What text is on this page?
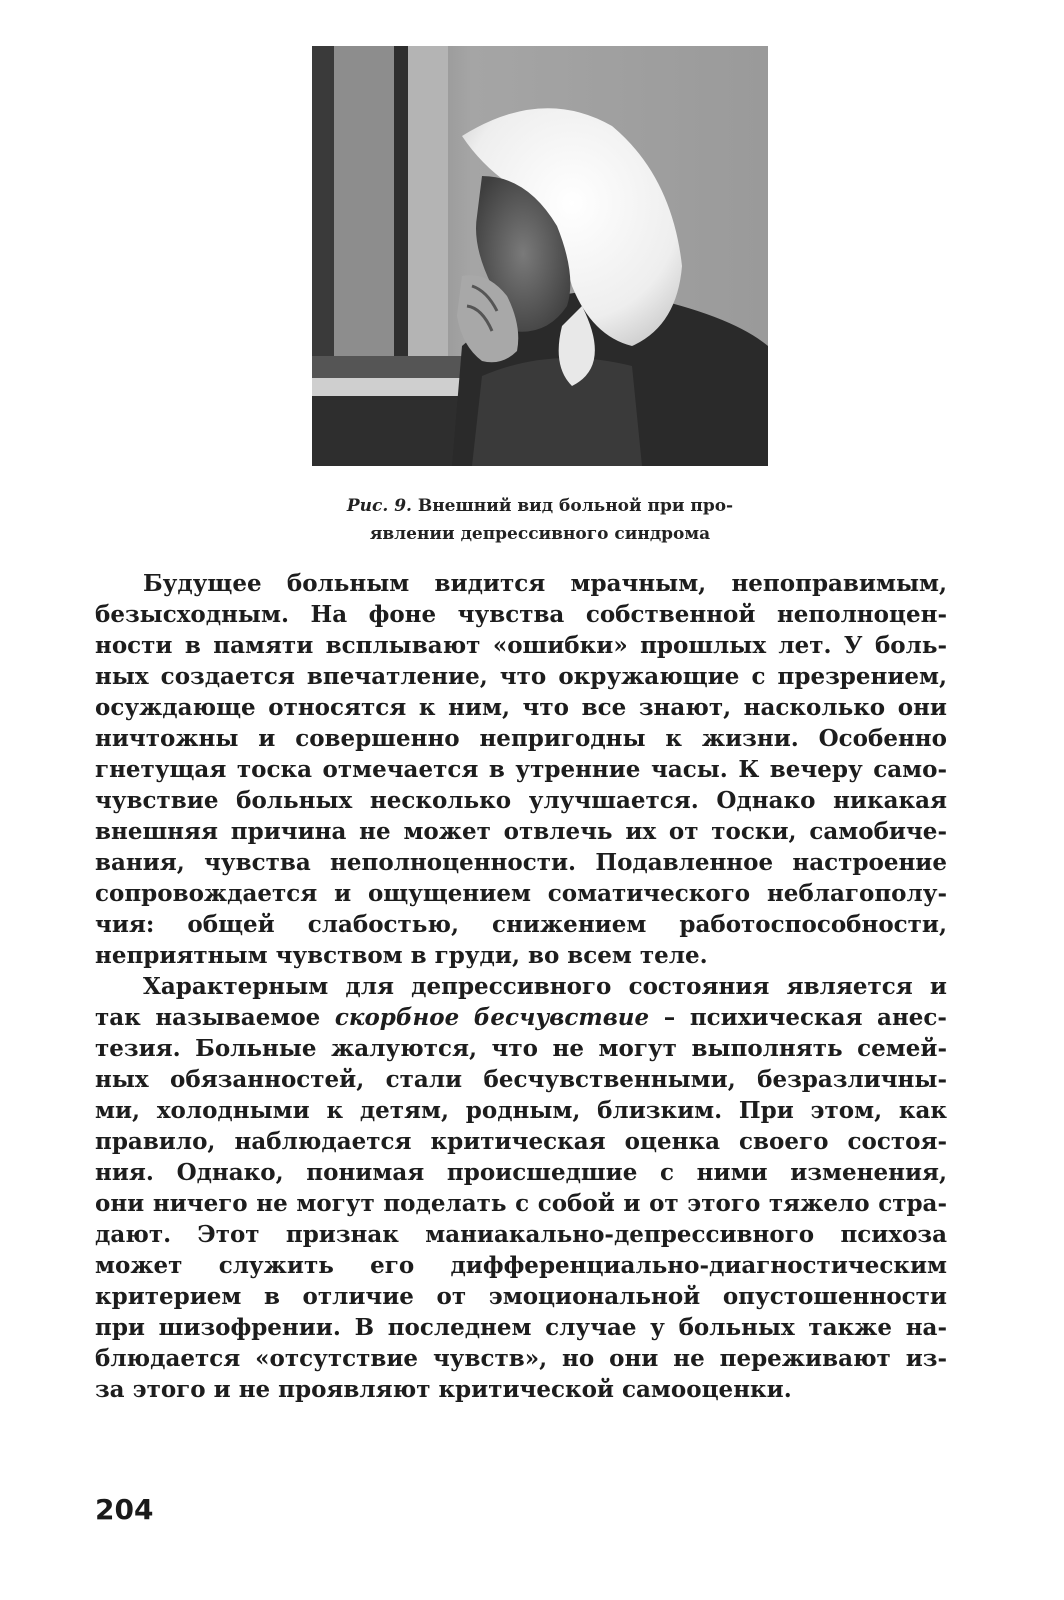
Рис. 9. Внешний вид больной при про-
явлении депрессивного синдрома
Будущее больным видится мрачным, непоправимым,
безысходным. На фоне чувства собственной неполноцен-
ности в памяти всплывают «ошибки» прошлых лет. У боль-
ных создается впечатление, что окружающие с презрением,
осуждающе относятся к ним, что все знают, насколько они
ничтожны и совершенно непригодны к жизни. Особенно
гнетущая тоска отмечается в утренние часы. К вечеру само-
чувствие больных несколько улучшается. Однако никакая
внешняя причина не может отвлечь их от тоски, самобиче-
вания, чувства неполноценности. Подавленное настроение
сопровождается и ощущением соматического неблагополу-
чия: общей слабостью, снижением работоспособности,
неприятным чувством в груди, во всем теле.
Характерным для депрессивного состояния является и
так называемое скорбное бесчувствие – психическая анес-
тезия. Больные жалуются, что не могут выполнять семей-
ных обязанностей, стали бесчувственными, безразличны-
ми, холодными к детям, родным, близким. При этом, как
правило, наблюдается критическая оценка своего состоя-
ния. Однако, понимая происшедшие с ними изменения,
они ничего не могут поделать с собой и от этого тяжело стра-
дают. Этот признак маниакально-депрессивного психоза
может служить его дифференциально-диагностическим
критерием в отличие от эмоциональной опустошенности
при шизофрении. В последнем случае у больных также на-
блюдается «отсутствие чувств», но они не переживают из-
за этого и не проявляют критической самооценки.
204
